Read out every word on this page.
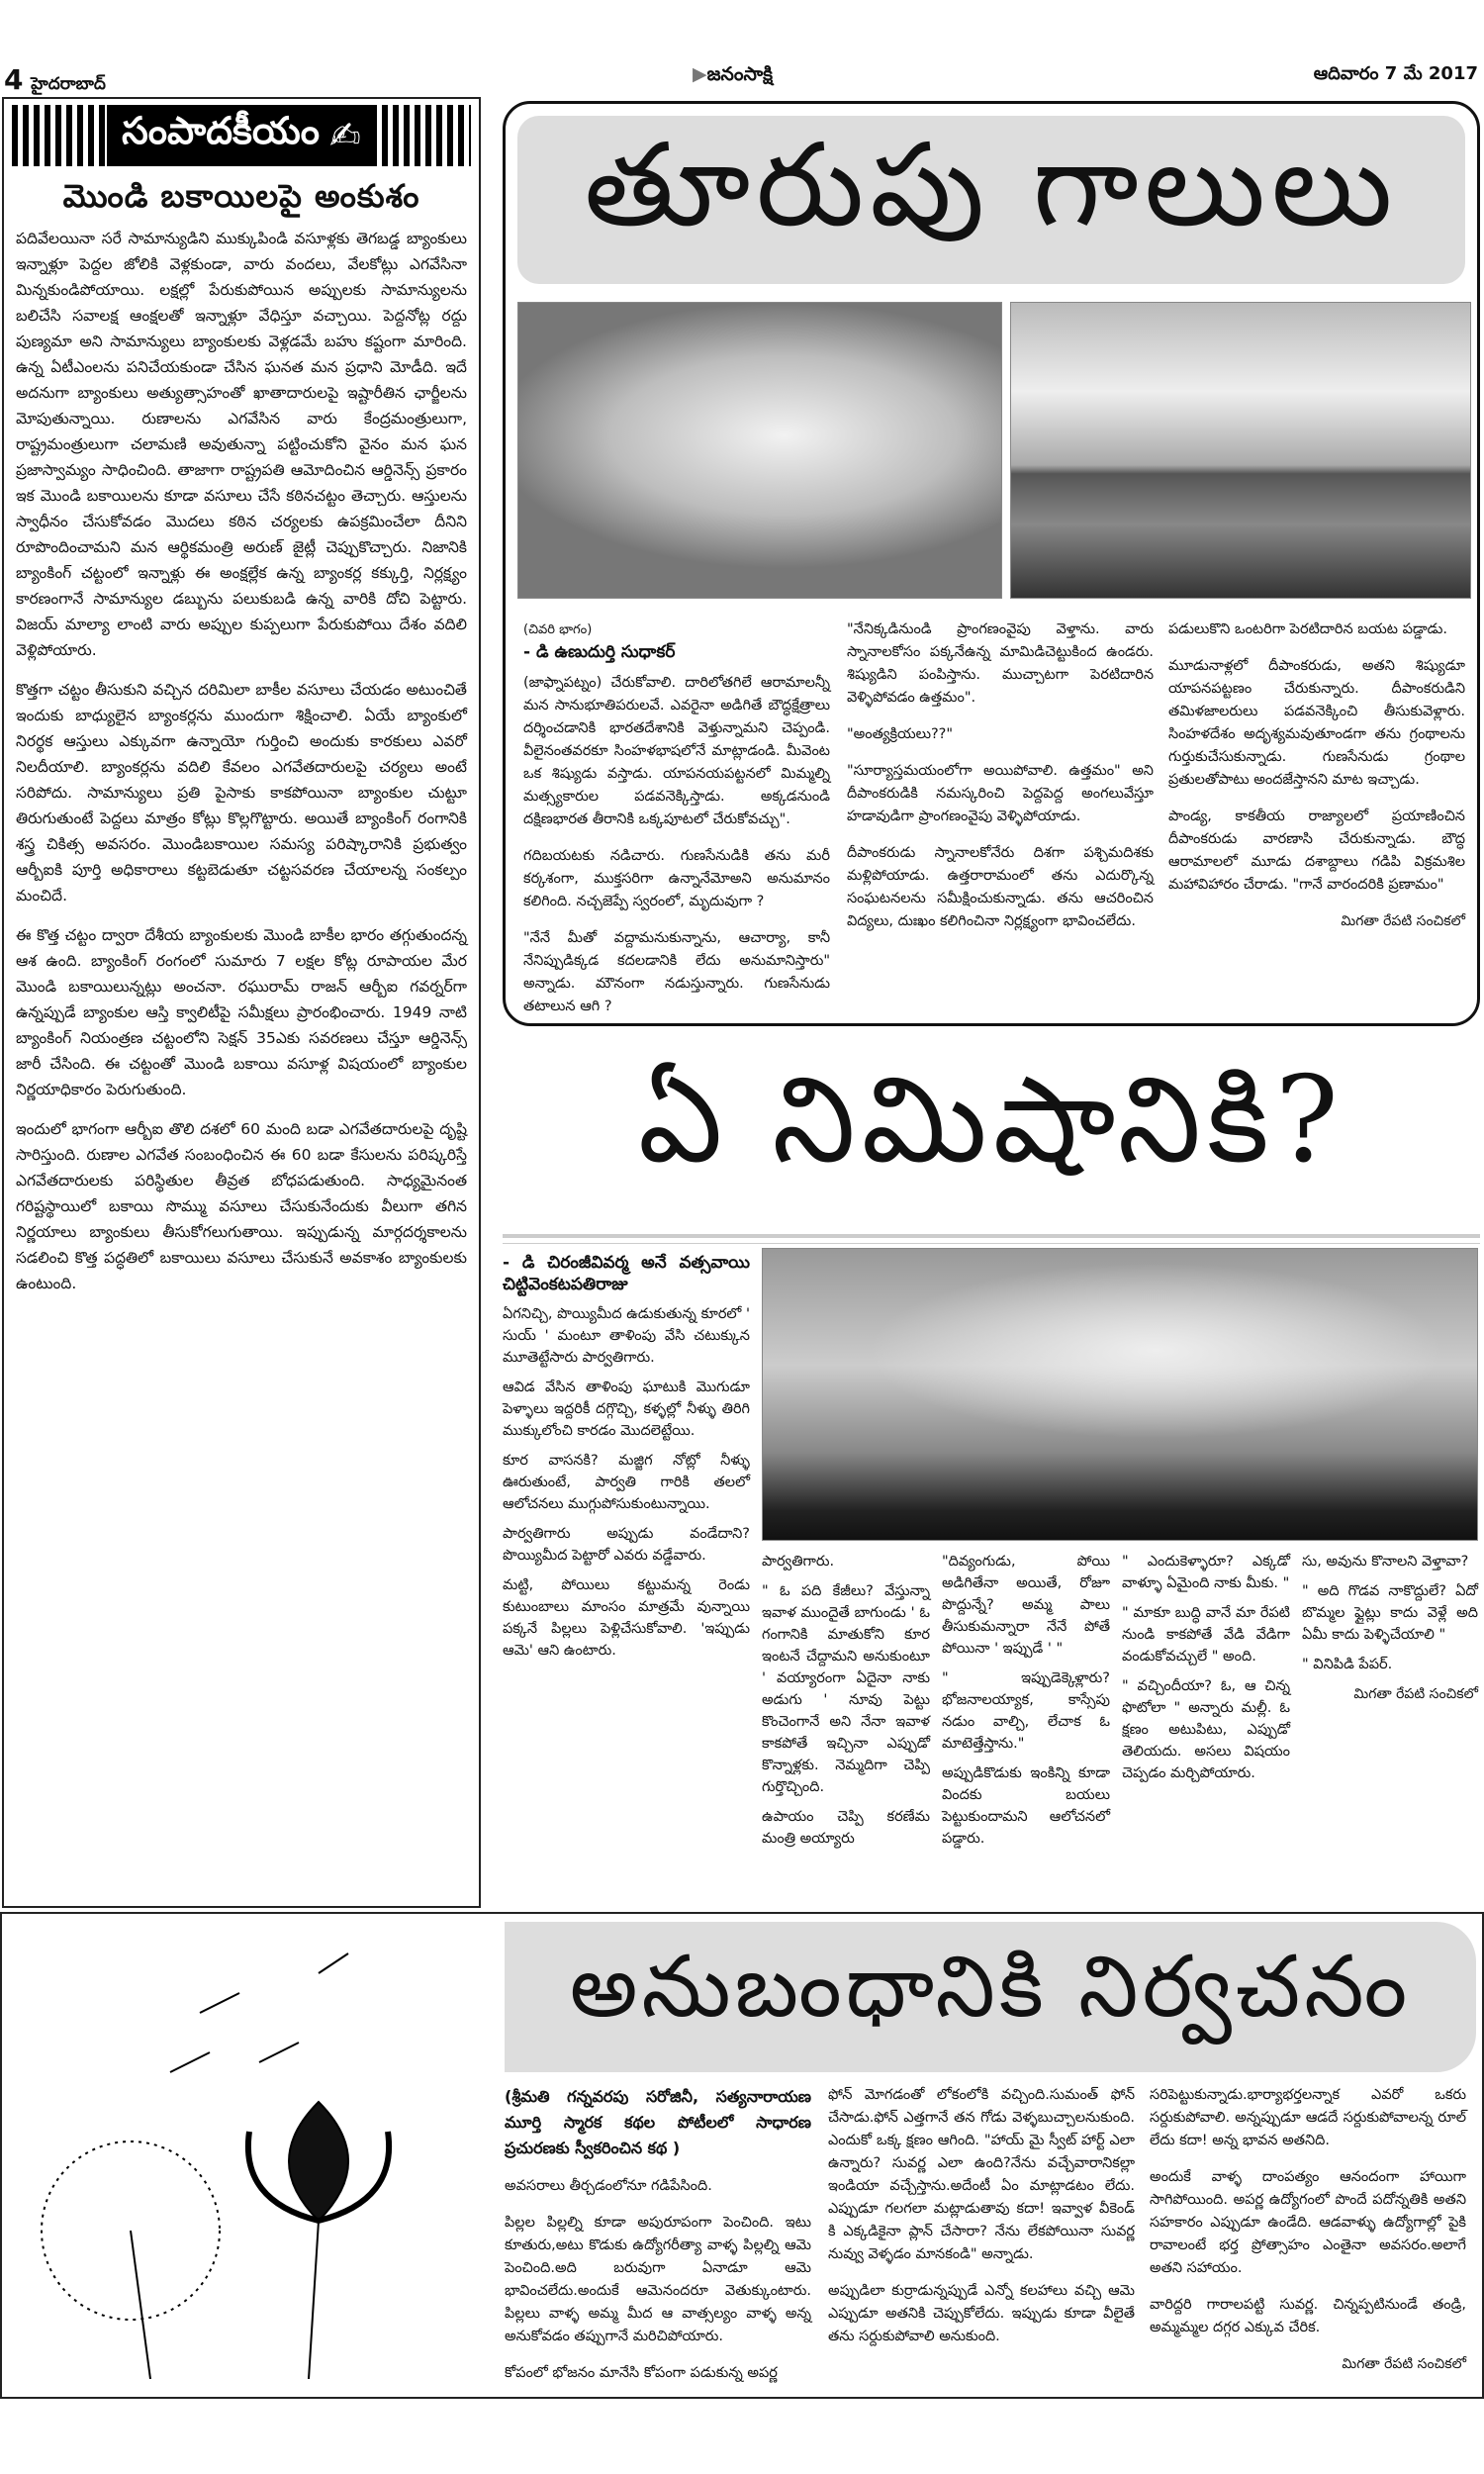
4 హైదరాబాద్	▶జనంసాక్షి	ఆదివారం 7 మే 2017
సంపాదకీయం ✍
మొండి బకాయిలపై అంకుశం

పదివేలయినా సరే సామాన్యుడిని ముక్కుపిండి వసూళ్లకు తెగబడ్డ బ్యాంకులు ఇన్నాళ్లూ పెద్దల జోలికి వెళ్లకుండా, వారు వందలు, వేలకోట్లు ఎగవేసినా మిన్నకుండిపోయాయి. లక్షల్లో పేరుకుపోయిన అప్పులకు సామాన్యులను బలిచేసి సవాలక్ష ఆంక్షలతో ఇన్నాళ్లూ వేధిస్తూ వచ్చాయి. పెద్దనోట్ల రద్దు పుణ్యమా అని సామాన్యులు బ్యాంకులకు వెళ్లడమే బహు కష్టంగా మారింది. ఉన్న ఏటీఎంలను పనిచేయకుండా చేసిన ఘనత మన ప్రధాని మోడీది. ఇదే అదనుగా బ్యాంకులు అత్యుత్సాహంతో ఖాతాదారులపై ఇష్టారీతిన ఛార్జీలను మోపుతున్నాయి. రుణాలను ఎగవేసిన వారు కేంద్రమంత్రులుగా, రాష్ట్రమంత్రులుగా చలామణి అవుతున్నా పట్టించుకోని వైనం మన ఘన ప్రజాస్వామ్యం సాధించింది. తాజాగా రాష్ట్రపతి ఆమోదించిన ఆర్డినెన్స్ ప్రకారం ఇక మొండి బకాయిలను కూడా వసూలు చేసే కఠినచట్టం తెచ్చారు. ఆస్తులను స్వాధీనం చేసుకోవడం మొదలు కఠిన చర్యలకు ఉపక్రమించేలా దీనిని రూపొందించామని మన ఆర్థికమంత్రి అరుణ్ జైట్లీ చెప్పుకొచ్చారు. నిజానికి బ్యాంకింగ్ చట్టంలో ఇన్నాళ్లు ఈ అంక్షల్లేక ఉన్న బ్యాంకర్ల కక్కుర్తి, నిర్లక్ష్యం కారణంగానే సామాన్యుల డబ్బును పలుకుబడి ఉన్న వారికి దోచి పెట్టారు. విజయ్ మాల్యా లాంటి వారు అప్పుల కుప్పలుగా పేరుకుపోయి దేశం వదిలి వెళ్లిపోయారు.

కొత్తగా చట్టం తీసుకుని వచ్చిన దరిమిలా బాకీల వసూలు చేయడం అటుంచితే ఇందుకు బాధ్యులైన బ్యాంకర్లను ముందుగా శిక్షించాలి. ఏయే బ్యాంకులో నిరర్థక ఆస్తులు ఎక్కువగా ఉన్నాయో గుర్తించి అందుకు కారకులు ఎవరో నిలదీయాలి. బ్యాంకర్లను వదిలి కేవలం ఎగవేతదారులపై చర్యలు అంటే సరిపోదు. సామాన్యులు ప్రతి పైసాకు కాకపోయినా బ్యాంకుల చుట్టూ తిరుగుతుంటే పెద్దలు మాత్రం కోట్లు కొల్లగొట్టారు. అయితే బ్యాంకింగ్ రంగానికి శస్త్ర చికిత్స అవసరం. మొండిబకాయిల సమస్య పరిష్కారానికి ప్రభుత్వం ఆర్బీఐకి పూర్తి అధికారాలు కట్టబెడుతూ చట్టసవరణ చేయాలన్న సంకల్పం మంచిదే.

ఈ కొత్త చట్టం ద్వారా దేశీయ బ్యాంకులకు మొండి బాకీల భారం తగ్గుతుందన్న ఆశ ఉంది. బ్యాంకింగ్ రంగంలో సుమారు 7 లక్షల కోట్ల రూపాయల మేర మొండి బకాయిలున్నట్లు అంచనా. రఘురామ్ రాజన్ ఆర్బీఐ గవర్నర్‌గా ఉన్నప్పుడే బ్యాంకుల ఆస్తి క్వాలిటీపై సమీక్షలు ప్రారంభించారు. 1949 నాటి బ్యాంకింగ్ నియంత్రణ చట్టంలోని సెక్షన్ 35ఎకు సవరణలు చేస్తూ ఆర్డినెన్స్ జారీ చేసింది. ఈ చట్టంతో మొండి బకాయి వసూళ్ల విషయంలో బ్యాంకుల నిర్ణయాధికారం పెరుగుతుంది.

ఇందులో భాగంగా ఆర్బీఐ తొలి దశలో 60 మంది బడా ఎగవేతదారులపై దృష్టి సారిస్తుంది. రుణాల ఎగవేత సంబంధించిన ఈ 60 బడా కేసులను పరిష్కరిస్తే ఎగవేతదారులకు పరిస్థితుల తీవ్రత బోధపడుతుంది. సాధ్యమైనంత గరిష్టస్థాయిలో బకాయి సొమ్ము వసూలు చేసుకునేందుకు వీలుగా తగిన నిర్ణయాలు బ్యాంకులు తీసుకోగలుగుతాయి. ఇప్పుడున్న మార్గదర్శకాలను సడలించి కొత్త పద్ధతిలో బకాయిలు వసూలు చేసుకునే అవకాశం బ్యాంకులకు ఉంటుంది.

తూరుపు గాలులు
(చివరి భాగం)
- డి ఉణుదుర్తి సుధాకర్

(జాఫ్నాపట్నం) చేరుకోవాలి. దారిలోతగిలే ఆరామాలన్నీ మన సానుభూతిపరులవే. ఎవరైనా అడిగితే బౌద్ధక్షేత్రాలు దర్శించడానికి భారతదేశానికి వెళ్తున్నామని చెప్పండి. వీలైనంతవరకూ సింహళభాషలోనే మాట్లాడండి. మీవెంట ఒక శిష్యుడు వస్తాడు. యాపనయపట్టనలో మిమ్మల్ని మత్స్యకారుల పడవనెక్కిస్తాడు. అక్కడనుండి దక్షిణభారత తీరానికి ఒక్కపూటలో చేరుకోవచ్చు".

గదిబయటకు నడిచారు. గుణసేనుడికి తను మరీ కర్కశంగా, ముక్తసరిగా ఉన్నానేమోఅని అనుమానం కలిగింది. నచ్చజెప్పే స్వరంలో, మృదువుగా ?

"నేనే మీతో వద్దామనుకున్నాను, ఆచార్యా, కానీ నేనిప్పుడిక్కడ కదలడానికి లేదు అనుమానిస్తారు" అన్నాడు. మౌనంగా నడుస్తున్నారు. గుణసేనుడు తటాలున ఆగి ?

"నేనిక్కడినుండి ప్రాంగణంవైపు వెళ్తాను. వారు స్నానాలకోసం పక్కనేఉన్న మామిడిచెట్టుకింద ఉండరు. శిష్యుడిని పంపిస్తాను. ముచ్చాటగా పెరటిదారిన వెళ్ళిపోవడం ఉత్తమం".

"అంత్యక్రియలు??"

"సూర్యాస్తమయంలోగా అయిపోవాలి. ఉత్తమం" అని దీపాంకరుడికి నమస్కరించి పెద్దపెద్ద అంగలువేస్తూ హడావుడిగా ప్రాంగణంవైపు వెళ్ళిపోయాడు.

దీపాంకరుడు స్నానాలకోనేరు దిశగా పశ్చిమదిశకు మళ్లిపోయాడు. ఉత్తరారామంలో తను ఎదుర్కొన్న సంఘటనలను సమీక్షించుకున్నాడు. తను ఆచరించిన విద్యలు, దుఃఖం కలిగించినా నిర్లక్ష్యంగా భావించలేదు.

పడులుకొని ఒంటరిగా పెరటిదారిన బయట పడ్డాడు.

మూడునాళ్లలో దీపాంకరుడు, అతని శిష్యుడూ యాపనపట్టణం చేరుకున్నారు. దీపాంకరుడిని తమిళజాలరులు పడవనెక్కించి తీసుకువెళ్లారు. సింహళదేశం అదృశ్యమవుతూండగా తను గ్రంథాలను గుర్తుకుచేసుకున్నాడు. గుణసేనుడు గ్రంథాల ప్రతులతోపాటు అందజేస్తానని మాట ఇచ్చాడు.

పాండ్య, కాకతీయ రాజ్యాలలో ప్రయాణించిన దీపాంకరుడు వారణాసి చేరుకున్నాడు. బౌద్ధ ఆరామాలలో మూడు దశాబ్దాలు గడిపి విక్రమశిల మహావిహారం చేరాడు. "గానే వారందరికి ప్రణామం"

మిగతా రేపటి సంచికలో
ఏ నిమిషానికి?
- డి చిరంజీవివర్మ అనే వత్సవాయి చిట్టివెంకటపతిరాజు

ఏగనిచ్చి, పొయ్యిమీద ఉడుకుతున్న కూరలో ' సుయ్ ' మంటూ తాళింపు వేసి చటుక్కున మూతెట్టేసారు పార్వతిగారు.

ఆవిడ వేసిన తాళింపు ఘాటుకి మొగుడూ పెళ్ళాలు ఇద్దరికీ దగ్గొచ్చి, కళ్ళల్లో నీళ్ళు తిరిగి ముక్కులోంచి కారడం మొదలెట్టేయి.

కూర వాసనకి? మజ్జిగ నోట్లో నీళ్ళు ఊరుతుంటే, పార్వతి గారికి తలలో ఆలోచనలు ముగ్గుపోసుకుంటున్నాయి.

పార్వతిగారు అప్పుడు వండేదాని? పొయ్యిమీద పెట్టారో ఎవరు వడ్డేవారు.

మట్టి, పోయిలు కట్టుమన్న రెండు కుటుంబాలు మాంసం మాత్రమే వున్నాయి పక్కనే పిల్లలు పెళ్లిచేసుకోవాలి. 'ఇప్పుడు ఆమె' ఆని ఉంటారు.

పార్వతిగారు.

" ఓ పది కేజీలు? వేస్తున్నా ఇవాళ ముందైతే బాగుండు ' ఓ గంగానికి మాతుకోని కూర ఇంటనే చేద్దామని అనుకుంటూ ' వయ్యారంగా ఏదైనా నాకు అడుగు ' నూవు పెట్టు కొంచెంగానే అని నేనా ఇవాళ కాకపోతే ఇచ్చినా ఎప్పుడో కొన్నాళ్లకు. నెమ్మదిగా చెప్పి గుర్తొచ్చింది.

ఉపాయం చెప్పి కరణేమ మంత్రి అయ్యారు

"దివ్యంగుడు, పోయి అడిగితేనా అయితే, రోజూ పొద్దున్నే? అమ్మ పాలు తీసుకుమన్నారా నేనే పోతే పోయినా ' ఇప్పుడే ' "

" ఇప్పుడెక్కెళ్లారు? భోజనాలయ్యాక, కాస్సేపు నడుం వాల్చి, లేచాక ఓ మాటెత్తేస్తాను."

అప్పుడికొడుకు ఇంకిన్ని కూడా విందకు బయలు పెట్టుకుందామని ఆలోచనలో పడ్డారు.

" ఎందుకెళ్ళారూ? ఎక్కడో వాళ్ళూ ఏమైంది నాకు మీకు. "

" మాకూ బుద్ధి వానే మా రేపటి నుండి కాకపోతే వేడి వేడిగా వండుకోవచ్చులే " అంది.

" వచ్చిందీయా? ఓ, ఆ చిన్న ఫొటోలా " అన్నారు మల్లీ. ఓ క్షణం అటుపిటు, ఎప్పుడో తెలియదు. అసలు విషయం చెప్పడం మర్చిపోయారు.

సు, అవును కొనాలని వెళ్తావా?

" అది గొడవ నాకొద్దులే? ఏదో బొమ్మల ఫ్లైట్లు కాదు వెళ్లే అది ఏమీ కాదు పెళ్ళిచేయాలి "

" వినిపిడి పేపర్.

మిగతా రేపటి సంచికలో
అనుబంధానికి నిర్వచనం

(శ్రీమతి గన్నవరపు సరోజినీ, సత్యనారాయణ మూర్తి స్మారక కథల పోటీలలో సాధారణ ప్రచురణకు స్వీకరించిన కథ )

అవసరాలు తీర్చడంలోనూ గడిపేసింది.

పిల్లల పిల్లల్ని కూడా అపురూపంగా పెంచింది. ఇటు కూతురు,అటు కొడుకు ఉద్యోగరీత్యా వాళ్ళ పిల్లల్ని ఆమె పెంచింది.అది బరువుగా ఏనాడూ ఆమె భావించలేదు.అందుకే ఆమెనందరూ వెతుక్కుంటారు. పిల్లలు వాళ్ళ అమ్మ మీద ఆ వాత్సల్యం వాళ్ళ అన్న అనుకోవడం తప్పుగానే మరిచిపోయారు.

కోపంలో భోజనం మానేసి కోపంగా పడుకున్న అపర్ణ

ఫోన్ మోగడంతో లోకంలోకి వచ్చింది.సుమంత్ ఫోన్ చేసాడు.ఫోన్ ఎత్తగానే తన గోడు వెళ్ళబుచ్చాలనుకుంది. ఎందుకో ఒక్క క్షణం ఆగింది. "హాయ్ మై స్వీట్ హార్ట్ ఎలా ఉన్నారు? సువర్ణ ఎలా ఉంది?నేను వచ్చేవారానికల్లా ఇండియా వచ్చేస్తాను.అదేంటీ ఏం మాట్లాడటం లేదు. ఎప్పుడూ గలగలా మట్లాడుతావు కదా! ఇవ్వాళ వీకెండ్ కి ఎక్కడికైనా ప్లాన్ చేసారా? నేను లేకపోయినా సువర్ణ నువ్వు వెళ్ళడం మానకండి" అన్నాడు.

అప్పుడిలా కుర్రాడున్నప్పుడే ఎన్నో కలహాలు వచ్చి ఆమె ఎప్పుడూ అతనికి చెప్పుకోలేదు. ఇప్పుడు కూడా వీలైతే తను సర్దుకుపోవాలి అనుకుంది.

సరిపెట్టుకున్నాడు.భార్యాభర్తలన్నాక ఎవరో ఒకరు సర్దుకుపోవాలి. అన్నప్పుడూ ఆడదే సర్దుకుపోవాలన్న రూల్ లేదు కదా! అన్న భావన అతనిది.

అందుకే వాళ్ళ దాంపత్యం ఆనందంగా హాయిగా సాగిపోయింది. అపర్ణ ఉద్యోగంలో పొందే పదోన్నతికి అతని సహకారం ఎప్పుడూ ఉండేది. ఆడవాళ్ళు ఉద్యోగాల్లో పైకి రావాలంటే భర్త ప్రోత్సాహం ఎంతైనా అవసరం.అలాగే అతని సహాయం.

వారిద్దరి గారాలపట్టి సువర్ణ. చిన్నప్పటినుండే తండ్రి, అమ్మమ్మల దగ్గర ఎక్కువ చేరిక.

మిగతా రేపటి సంచికలో
